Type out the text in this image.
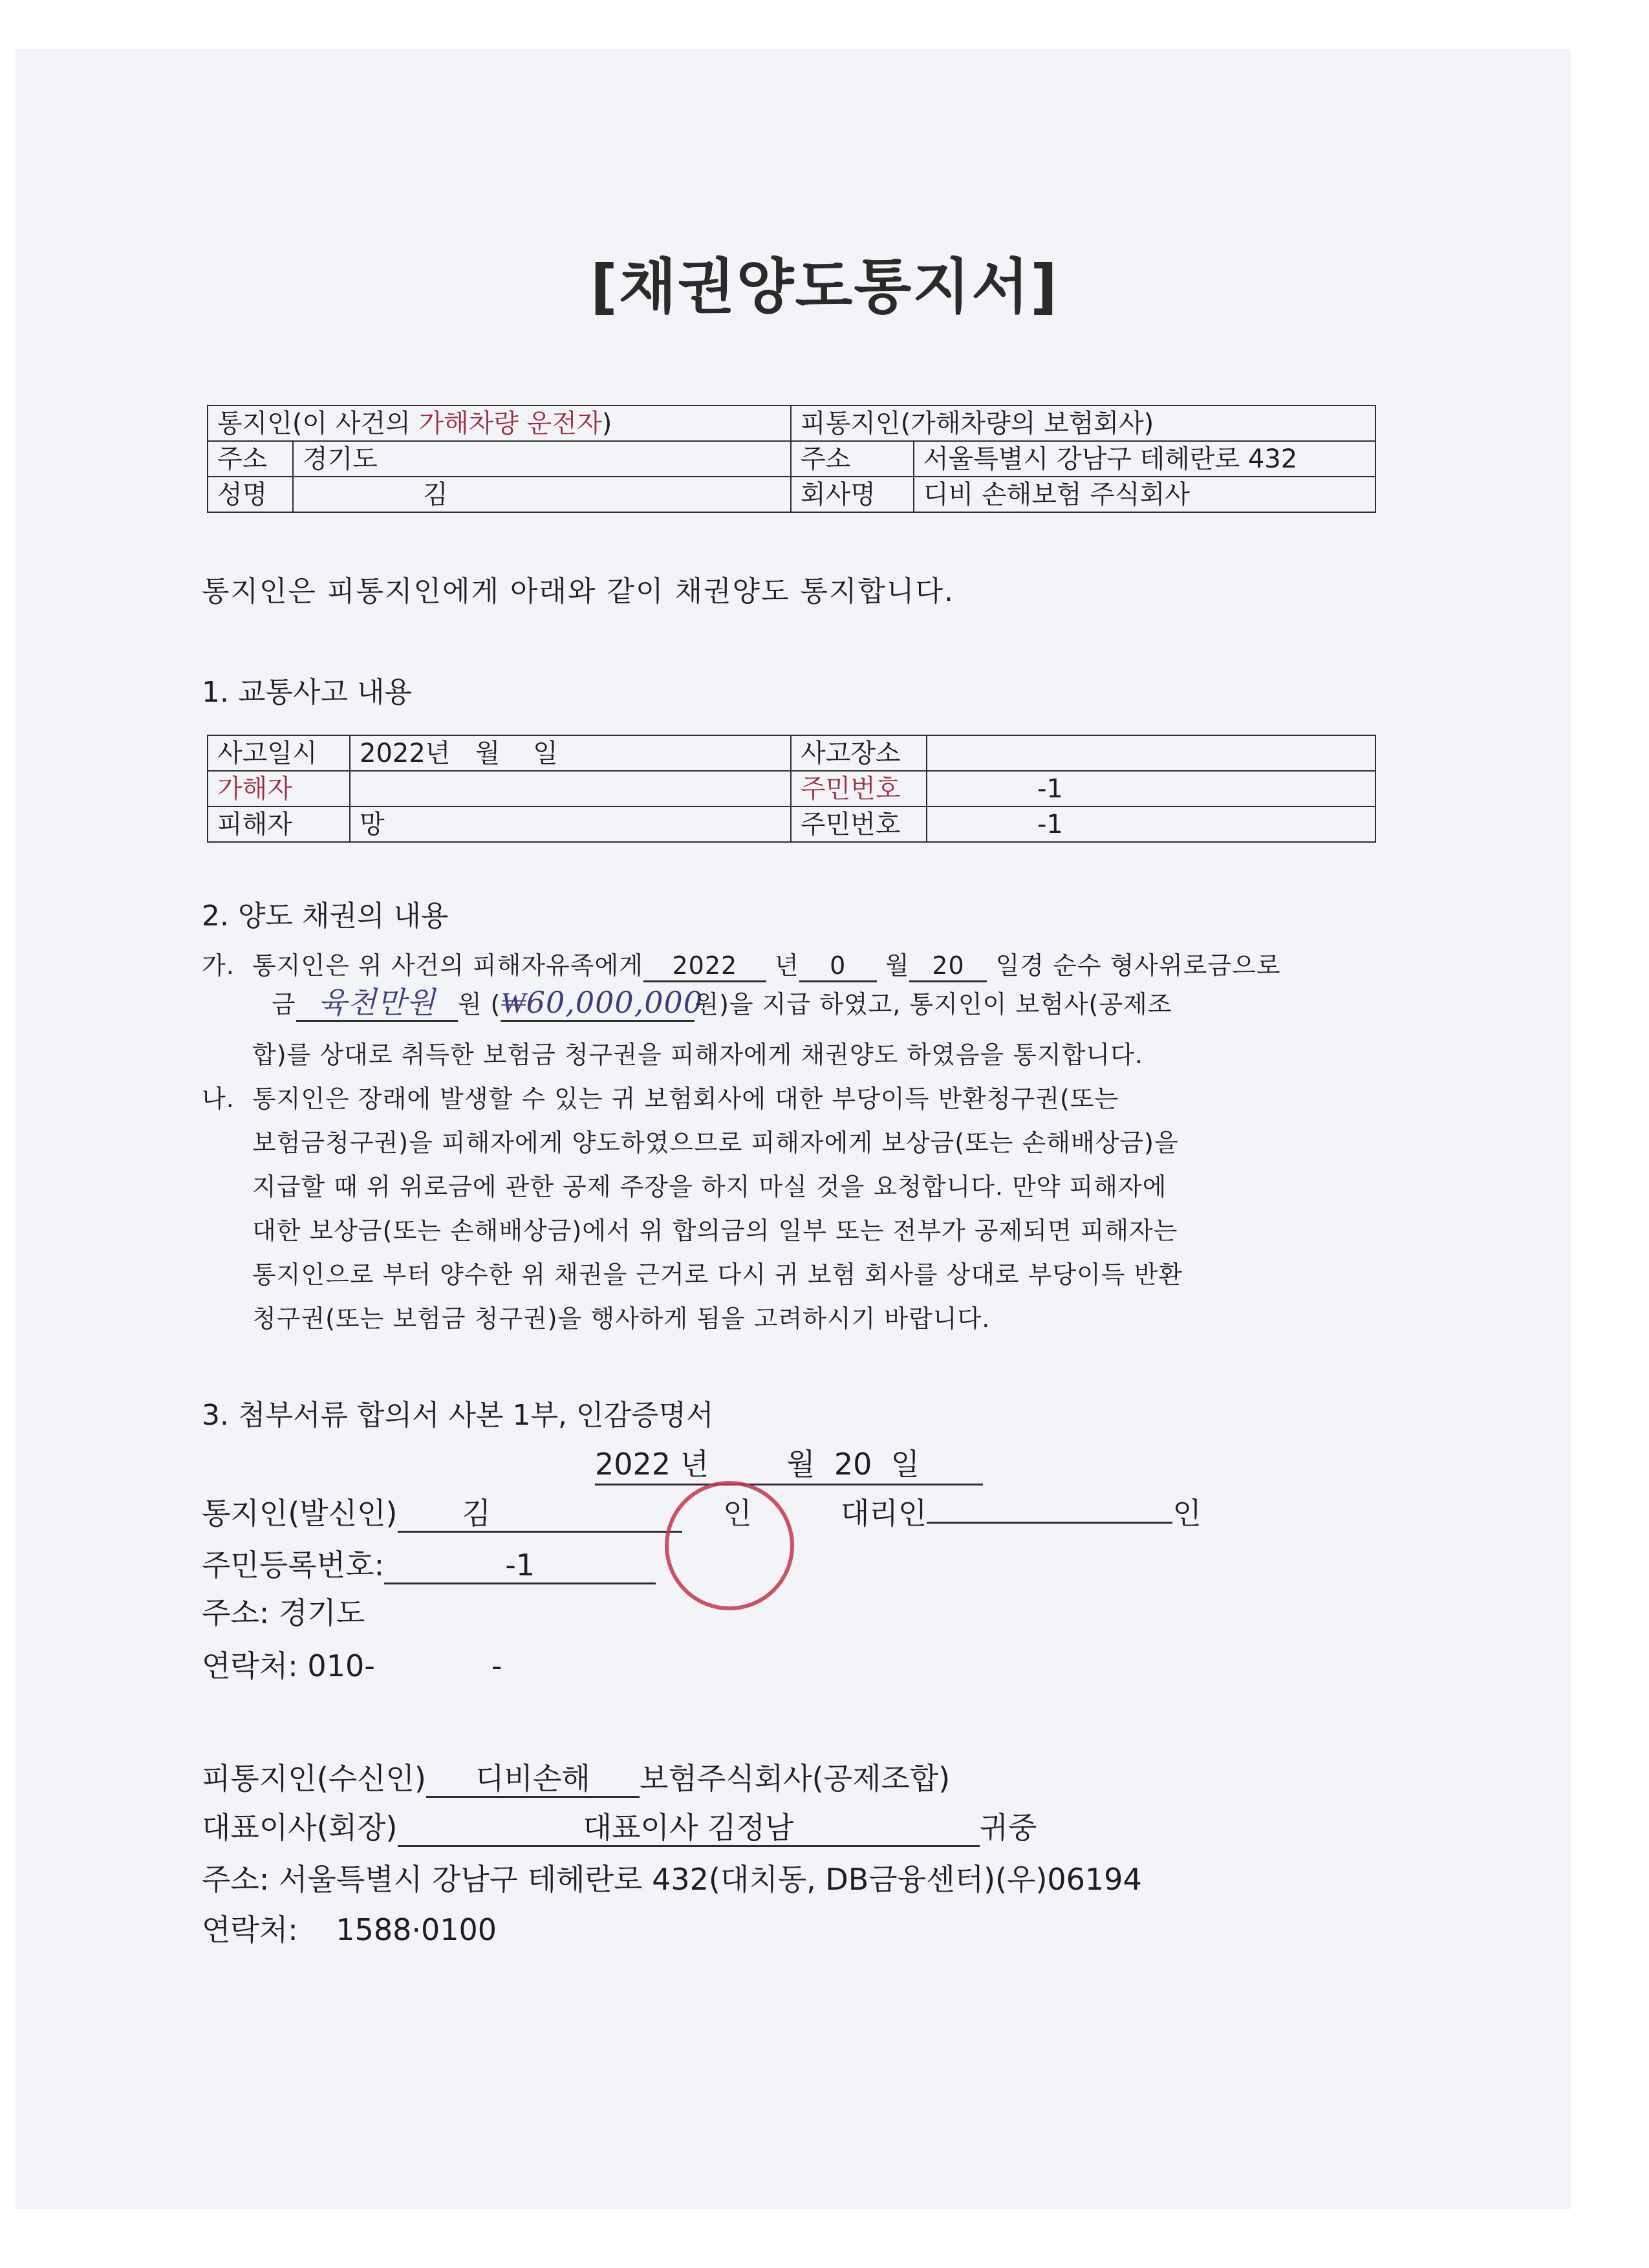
[채권양도통지서]
통지인(이 사건의 가해차량 운전자)		피통지인(가해차량의 보험회사)	
주소	경기도	주소	서울특별시 강남구 테헤란로 432
성명	김	회사명	디비 손해보험 주식회사
통지인은 피통지인에게 아래와 같이 채권양도 통지합니다.
1. 교통사고 내용
사고일시	2022년   월    일	사고장소	
가해자		주민번호	-1
피해자	망	주민번호	-1
2. 양도 채권의 내용
가. 통지인은 위 사건의 피해자유족에게 2022 년 0 월 20 일경 순수 형사위로금으로
금 육천만원 원 (₩60,000,000원)을 지급 하였고, 통지인이 보험사(공제조
합)를 상대로 취득한 보험금 청구권을 피해자에게 채권양도 하였음을 통지합니다.
나. 통지인은 장래에 발생할 수 있는 귀 보험회사에 대한 부당이득 반환청구권(또는
보험금청구권)을 피해자에게 양도하였으므로 피해자에게 보상금(또는 손해배상금)을
지급할 때 위 위로금에 관한 공제 주장을 하지 마실 것을 요청합니다. 만약 피해자에
대한 보상금(또는 손해배상금)에서 위 합의금의 일부 또는 전부가 공제되면 피해자는
통지인으로 부터 양수한 위 채권을 근거로 다시 귀 보험 회사를 상대로 부당이득 반환
청구권(또는 보험금 청구권)을 행사하게 됨을 고려하시기 바랍니다.
3. 첨부서류 합의서 사본 1부, 인감증명서
2022 년	월 20 일
통지인(발신인) 김	인	대리인	인
주민등록번호:	-1
주소: 경기도
연락처: 010-	-
피통지인(수신인) 디비손해 보험주식회사(공제조합)
대표이사(회장)	대표이사 김정남	귀중
주소: 서울특별시 강남구 테헤란로 432(대치동, DB금융센터)(우)06194
연락처: 1588·0100
